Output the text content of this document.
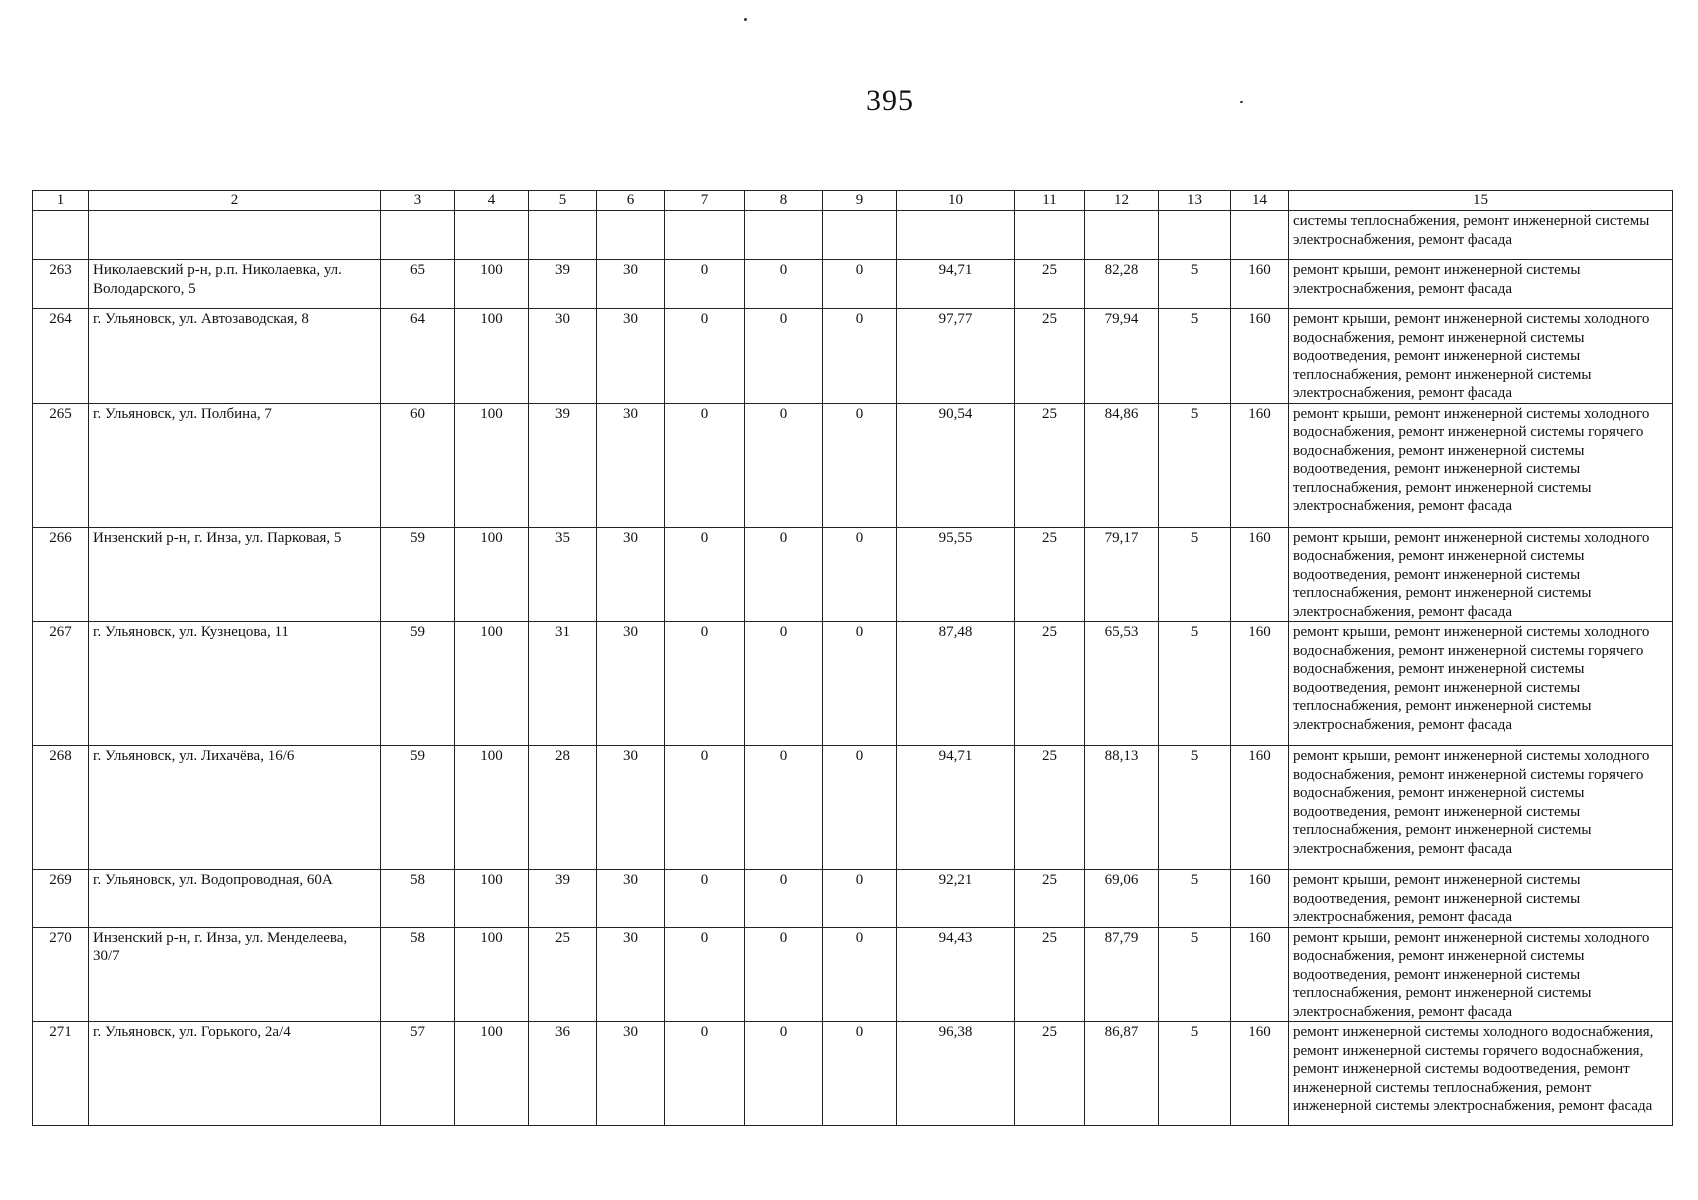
395
1	2	3	4	5	6	7	8	9	10	11	12	13	14	15
														системы теплоснабжения, ремонт инженерной системы электроснабжения, ремонт фасада
263	Николаевский р-н, р.п. Николаевка, ул. Володарского, 5	65	100	39	30	0	0	0	94,71	25	82,28	5	160	ремонт крыши, ремонт инженерной системы электроснабжения, ремонт фасада
264	г. Ульяновск, ул. Автозаводская, 8	64	100	30	30	0	0	0	97,77	25	79,94	5	160	ремонт крыши, ремонт инженерной системы холодного водоснабжения, ремонт инженерной системы водоотведения, ремонт инженерной системы теплоснабжения, ремонт инженерной системы электроснабжения, ремонт фасада
265	г. Ульяновск, ул. Полбина, 7	60	100	39	30	0	0	0	90,54	25	84,86	5	160	ремонт крыши, ремонт инженерной системы холодного водоснабжения, ремонт инженерной системы горячего водоснабжения, ремонт инженерной системы водоотведения, ремонт инженерной системы теплоснабжения, ремонт инженерной системы электроснабжения, ремонт фасада
266	Инзенский р-н, г. Инза, ул. Парковая, 5	59	100	35	30	0	0	0	95,55	25	79,17	5	160	ремонт крыши, ремонт инженерной системы холодного водоснабжения, ремонт инженерной системы водоотведения, ремонт инженерной системы теплоснабжения, ремонт инженерной системы электроснабжения, ремонт фасада
267	г. Ульяновск, ул. Кузнецова, 11	59	100	31	30	0	0	0	87,48	25	65,53	5	160	ремонт крыши, ремонт инженерной системы холодного водоснабжения, ремонт инженерной системы горячего водоснабжения, ремонт инженерной системы водоотведения, ремонт инженерной системы теплоснабжения, ремонт инженерной системы электроснабжения, ремонт фасада
268	г. Ульяновск, ул. Лихачёва, 16/6	59	100	28	30	0	0	0	94,71	25	88,13	5	160	ремонт крыши, ремонт инженерной системы холодного водоснабжения, ремонт инженерной системы горячего водоснабжения, ремонт инженерной системы водоотведения, ремонт инженерной системы теплоснабжения, ремонт инженерной системы электроснабжения, ремонт фасада
269	г. Ульяновск, ул. Водопроводная, 60А	58	100	39	30	0	0	0	92,21	25	69,06	5	160	ремонт крыши, ремонт инженерной системы водоотведения, ремонт инженерной системы электроснабжения, ремонт фасада
270	Инзенский р-н, г. Инза, ул. Менделеева, 30/7	58	100	25	30	0	0	0	94,43	25	87,79	5	160	ремонт крыши, ремонт инженерной системы холодного водоснабжения, ремонт инженерной системы водоотведения, ремонт инженерной системы теплоснабжения, ремонт инженерной системы электроснабжения, ремонт фасада
271	г. Ульяновск, ул. Горького, 2а/4	57	100	36	30	0	0	0	96,38	25	86,87	5	160	ремонт инженерной системы холодного водоснабжения, ремонт инженерной системы горячего водоснабжения, ремонт инженерной системы водоотведения, ремонт инженерной системы теплоснабжения, ремонт инженерной системы электроснабжения, ремонт фасада
